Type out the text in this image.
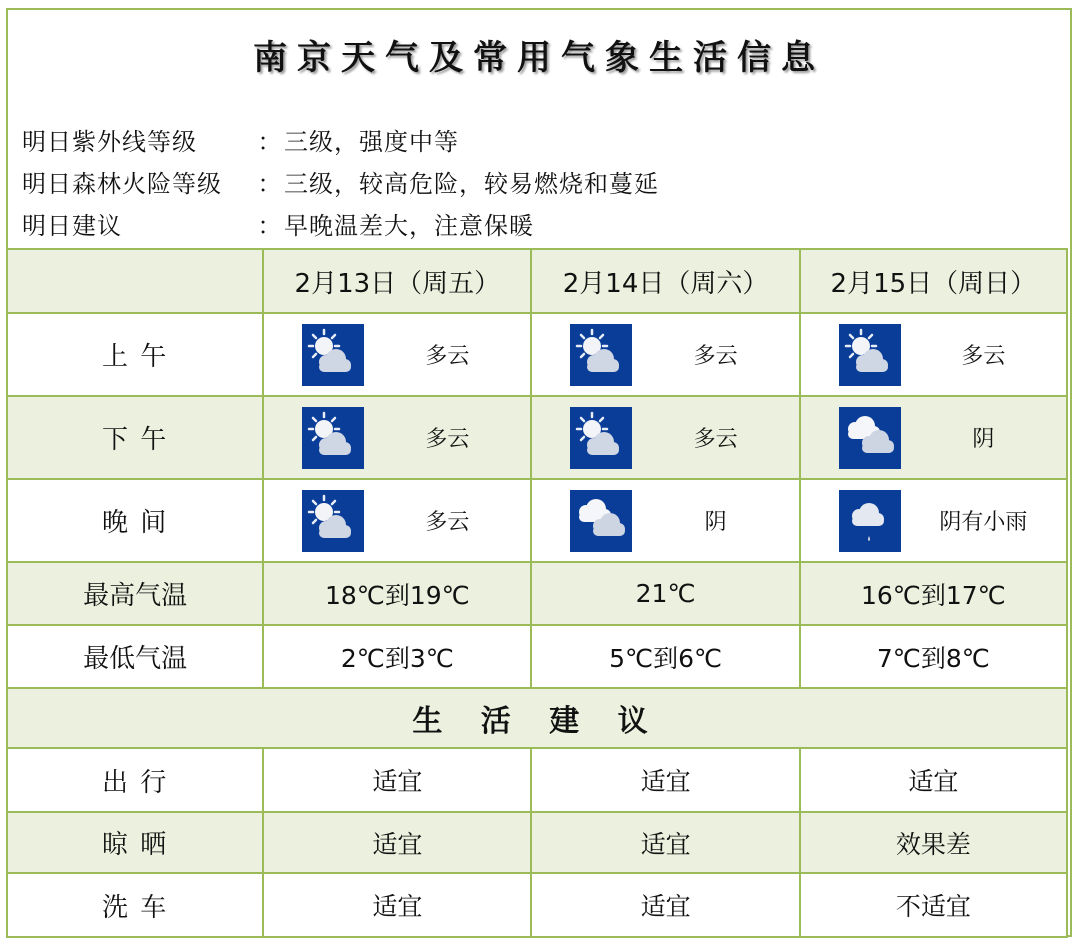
南京天气及常用气象生活信息
明日紫外线等级	：三级，强度中等
明日森林火险等级 ：三级，较高危险，较易燃烧和蔓延
明日建议	：早晚温差大，注意保暖
	2月13日（周五）	2月14日（周六）	2月15日（周日）
上 午	多云	多云	多云

下 午	多云	多云	阴

晚 间	多云	阴	阴有小雨

最高气温	18℃到19℃	21℃	16℃到17℃
最低气温	2℃到3℃	5℃到6℃	7℃到8℃
生 活 建 议			
出 行	适宜	适宜	适宜
晾 晒	适宜	适宜	效果差
洗 车	适宜	适宜	不适宜
